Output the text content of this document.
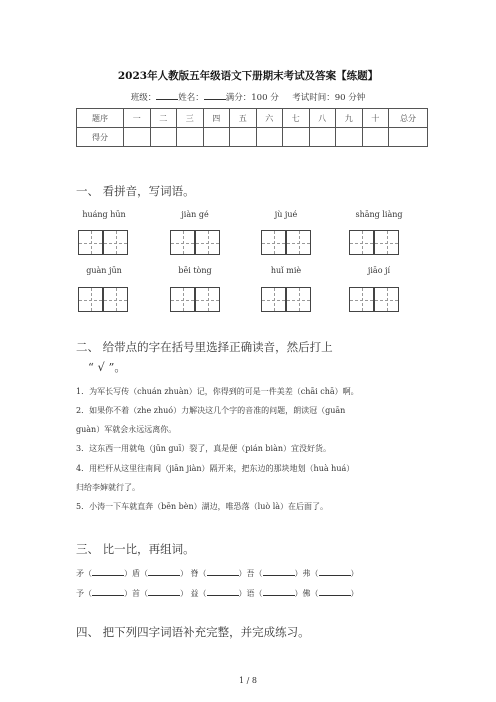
2023年人教版五年级语文下册期末考试及答案【练题】
班级：	姓名：	满分：100 分 考试时间：90 分钟
题序	一	二	三	四	五	六	七	八	九	十	总分
得分											
一、 看拼音，写词语。
huáng hūn	jiàn gé	jù jué	shāng liàng
guàn jūn	bēi tòng	huǐ miè	jiāo jí
二、 给带点的字在括号里选择正确读音，然后打上
“ √ ”。
1．为军长写传（chuán zhuàn）记，你得到的可是一件美差（chāi chā）啊。
2．如果你不着（zhe zhuó）力解决这几个字的音准的问题，朗读冠（guān
guàn）军就会永远远离你。
3．这东西一用就龟（jūn guī）裂了，真是便（pián biàn）宜没好货。
4．用栏杆从这里往南间（jiān jiàn）隔开来，把东边的那块地划（huà huá）
归给李婶就行了。
5．小涛一下车就直奔（bēn bèn）湖边，唯恐落（luò là）在后面了。
三、 比一比，再组词。
矛（	）盾（	） 脊（	）吾（	）弗（	）
予（	）首（	） 益（	）语（	）佛（	）
四、 把下列四字词语补充完整，并完成练习。
1 / 8
